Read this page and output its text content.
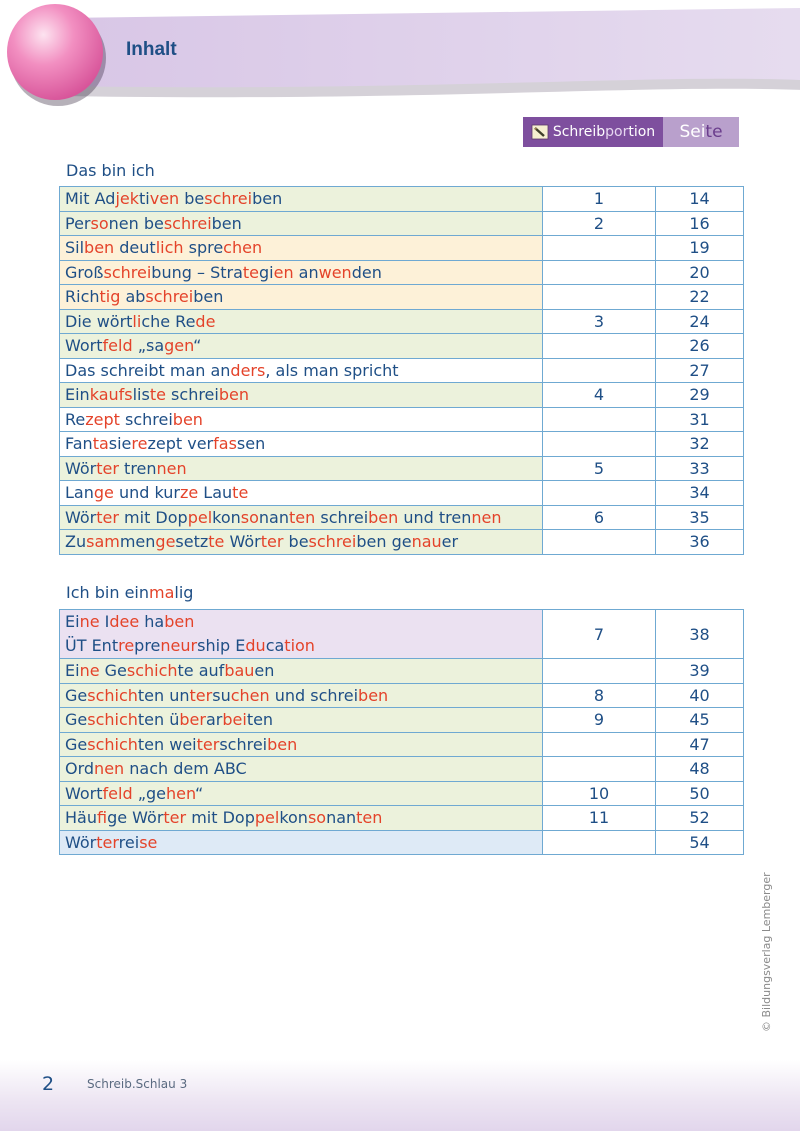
Inhalt
Schreibportion Sei te
Das bin ich
Mit Adjektiven beschreiben	1	14
Personen beschreiben	2	16
Silben deutlich sprechen		19
Großschreibung – Strategien anwenden		20
Richtig abschreiben		22
Die wörtliche Rede	3	24
Wortfeld „sagen“		26
Das schreibt man anders, als man spricht		27
Einkaufsliste schreiben	4	29
Rezept schreiben		31
Fantasierezept verfassen		32
Wörter trennen	5	33
Lange und kurze Laute		34
Wörter mit Doppelkonsonanten schreiben und trennen	6	35
Zusammengesetzte Wörter beschreiben genauer		36
Ich bin einmalig
Eine Idee haben
ÜT Entrepreneurship Education	7	38
Eine Geschichte aufbauen		39
Geschichten untersuchen und schreiben	8	40
Geschichten überarbeiten	9	45
Geschichten weiterschreiben		47
Ordnen nach dem ABC		48
Wortfeld „gehen“	10	50
Häufige Wörter mit Doppelkonsonanten	11	52
Wörterreise		54
2	Schreib.Schlau 3
© Bildungsverlag Lemberger
